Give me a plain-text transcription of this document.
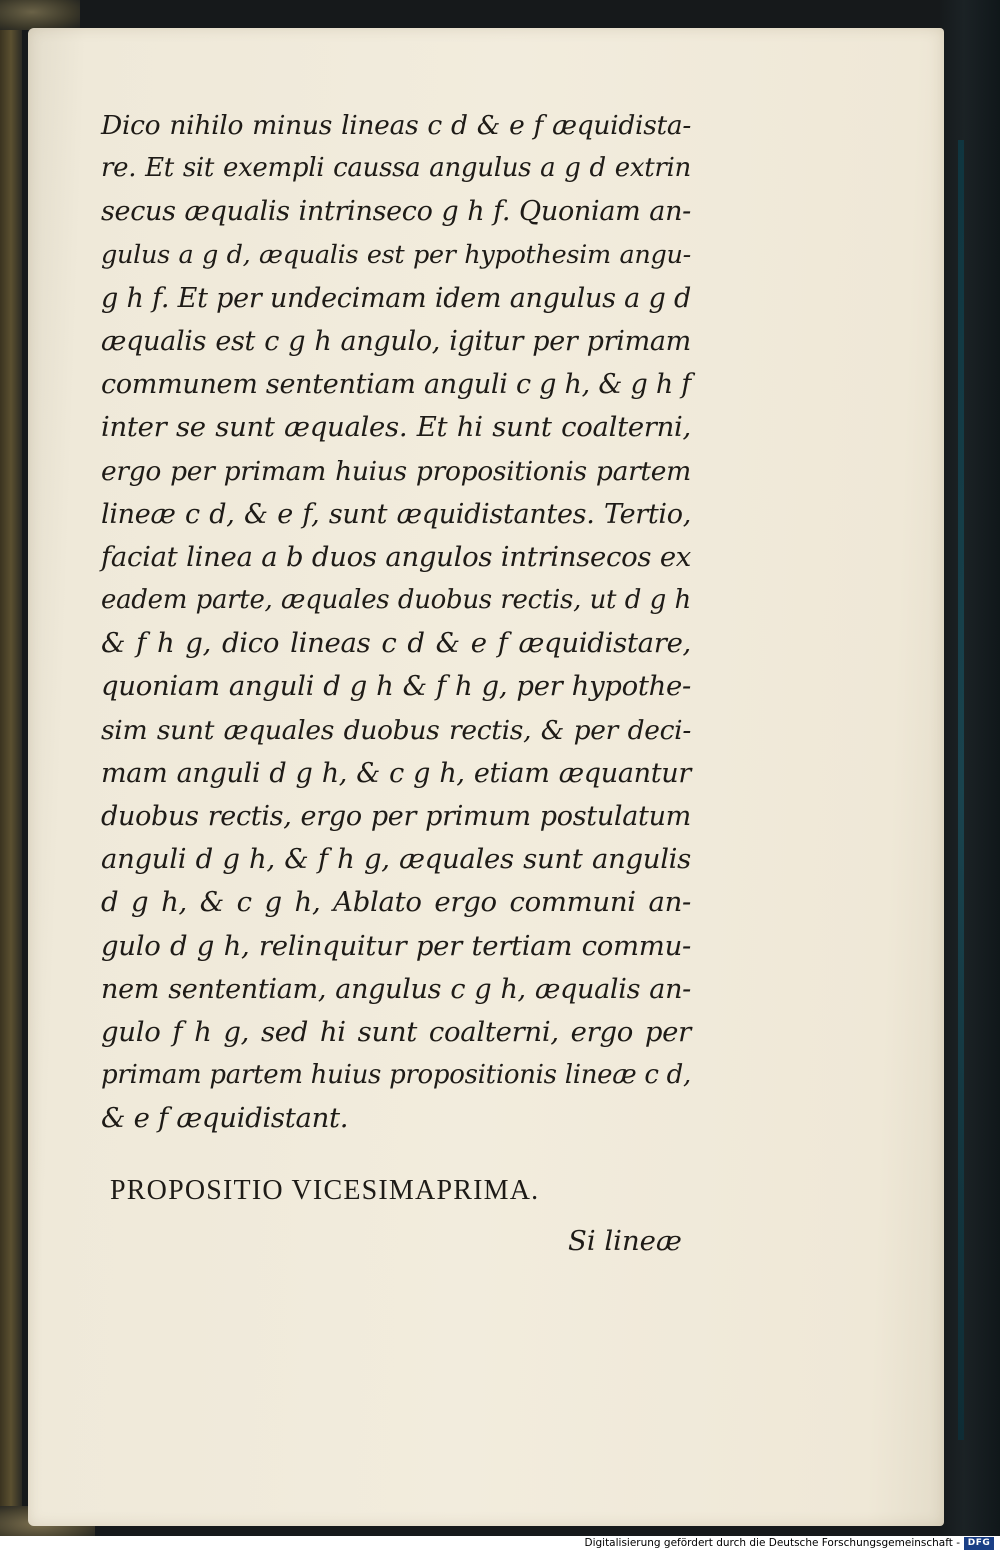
Dico nihilo minus lineas c d & e f æquidista-
re. Et sit exempli caussa angulus a g d extrin
secus æqualis intrinseco g h f. Quoniam an-
gulus a g d, æqualis est per hypothesim angu-
g h f. Et per undecimam idem angulus a g d
æqualis est c g h angulo, igitur per primam
communem sententiam anguli c g h, & g h f
inter se sunt æquales. Et hi sunt coalterni,
ergo per primam huius propositionis partem
lineæ c d, & e f, sunt æquidistantes. Tertio,
faciat linea a b duos angulos intrinsecos ex
eadem parte, æquales duobus rectis, ut d g h
& f h g, dico lineas c d & e f æquidistare,
quoniam anguli d g h & f h g, per hypothe-
sim sunt æquales duobus rectis, & per deci-
mam anguli d g h, & c g h, etiam æquantur
duobus rectis, ergo per primum postulatum
anguli d g h, & f h g, æquales sunt angulis
d g h, & c g h, Ablato ergo communi an-
gulo d g h, relinquitur per tertiam commu-
nem sententiam, angulus c g h, æqualis an-
gulo f h g, sed hi sunt coalterni, ergo per
primam partem huius propositionis lineæ c d,
& e f æquidistant.
PROPOSITIO VICESIMAPRIMA.
Si lineæ
Digitalisierung gefördert durch die Deutsche Forschungsgemeinschaft - DFG
